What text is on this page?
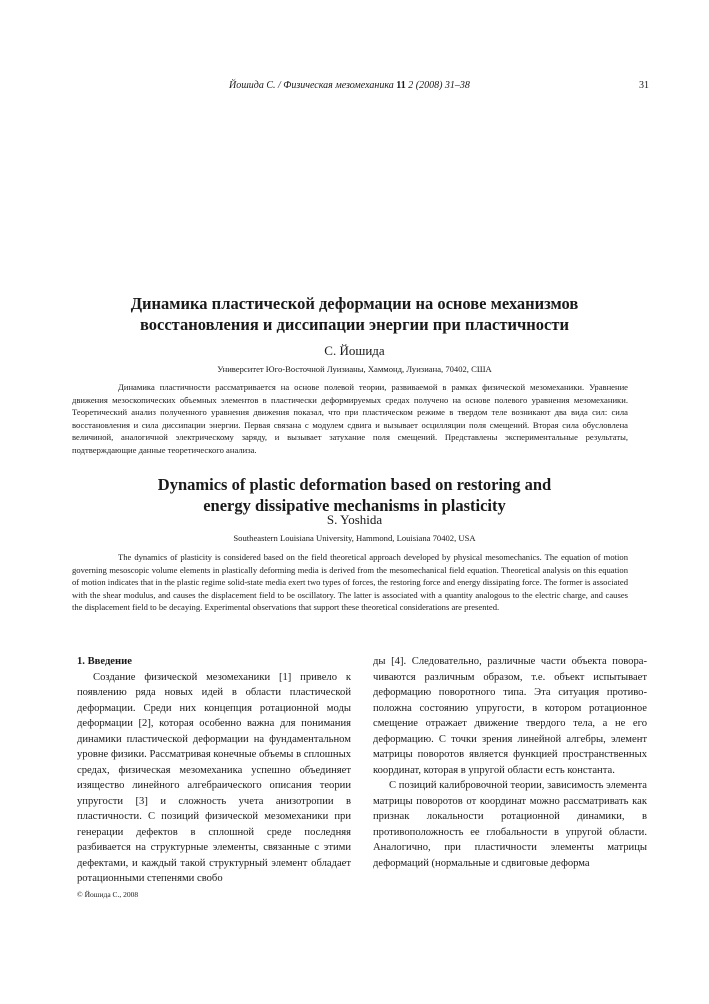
Йошида С. / Физическая мезомеханика 11 2 (2008) 31–38	31
Динамика пластической деформации на основе механизмов
восстановления и диссипации энергии при пластичности
С. Йошида
Университет Юго-Восточной Луизианы, Хаммонд, Луизиана, 70402, США
Динамика пластичности рассматривается на основе полевой теории, развиваемой в рамках физической мезомеханики. Уравнение движения мезоскопических объемных элементов в пластически деформируемых средах получено на основе полевого уравнения мезомеханики. Теоретический анализ полученного уравнения движения показал, что при пластическом режиме в твердом теле возникают два вида сил: сила восстановления и сила диссипации энергии. Первая связана с модулем сдвига и вызывает осцилляции поля смещений. Вторая сила обусловлена величиной, аналогичной электрическому заряду, и вызывает затухание поля смещений. Представлены экспериментальные результаты, подтверждающие данные теоретического анализа.
Dynamics of plastic deformation based on restoring and
energy dissipative mechanisms in plasticity
S. Yoshida
Southeastern Louisiana University, Hammond, Louisiana 70402, USA
The dynamics of plasticity is considered based on the field theoretical approach developed by physical mesomechanics. The equation of motion governing mesoscopic volume elements in plastically deforming media is derived from the mesomechanical field equation. Theoretical analysis on this equation of motion indicates that in the plastic regime solid-state media exert two types of forces, the restoring force and energy dissipating force. The former is associated with the shear modulus, and causes the displacement field to be oscillatory. The latter is associated with a quantity analogous to the electric charge, and causes the displacement field to be decaying. Experimental observations that support these theoretical considerations are presented.
1. Введение

Создание физической мезомеханики [1] привело к появлению ряда новых идей в области пластической деформации. Среди них концепция ротационной моды деформации [2], которая особенно важна для понимания динамики пластической деформации на фундаментальном уровне физики. Рассматривая конечные объемы в сплошных средах, физическая мезомеханика успешно объединяет изящество линейного алгебраического описания теории упругости [3] и сложность учета анизотропии в пластичности. С позиций физической мезомеханики при генерации дефектов в сплошной среде последняя разбивается на структурные элементы, связанные с этими дефектами, и каждый такой структурный элемент обладает ротационными степенями свобо

ды [4]. Следовательно, различные части объекта поворачиваются различным образом, т.е. объект испытывает деформацию поворотного типа. Эта ситуация противоположна состоянию упругости, в котором ротационное смещение отражает движение твердого тела, а не его деформацию. С точки зрения линейной алгебры, элемент матрицы поворотов является функцией пространственных координат, которая в упругой области есть константа.

С позиций калибровочной теории, зависимость элемента матрицы поворотов от координат можно рассматривать как признак локальности ротационной динамики, в противоположность ее глобальности в упругой области. Аналогично, при пластичности элементы матрицы деформаций (нормальные и сдвиговые деформа

© Йошида С., 2008
